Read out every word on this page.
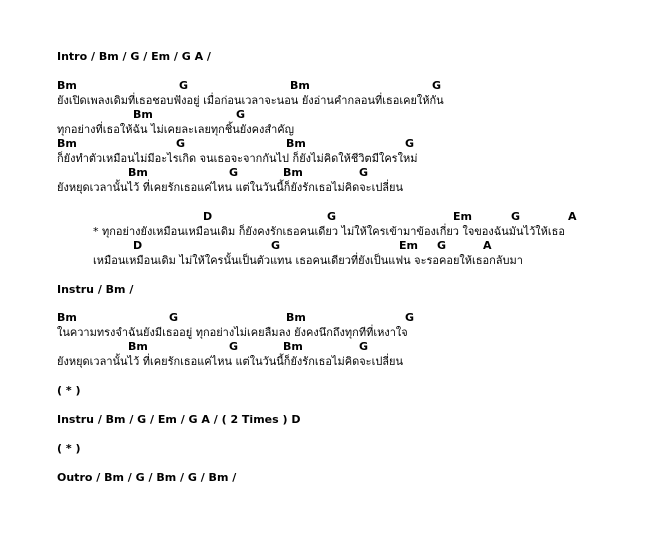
Intro / Bm / G / Em / G A /
Bm	G	Bm	G
ยังเปิดเพลงเดิมที่เธอชอบฟังอยู่ เมื่อก่อนเวลาจะนอน ยังอ่านคำกลอนที่เธอเคยให้กัน
Bm	G
ทุกอย่างที่เธอให้ฉัน ไม่เคยละเลยทุกชิ้นยังคงสำคัญ
Bm	G	Bm	G
ก็ยังทำตัวเหมือนไม่มีอะไรเกิด จนเธอจะจากกันไป ก็ยังไม่คิดให้ชีวิตมีใครใหม่
Bm	G	Bm	G
ยังหยุดเวลานั้นไว้ ที่เคยรักเธอแค่ไหน แต่ในวันนี้ก็ยังรักเธอไม่คิดจะเปลี่ยน
D	G	Em	G	A
* ทุกอย่างยังเหมือนเหมือนเดิม ก็ยังคงรักเธอคนเดียว ไม่ให้ใครเข้ามาข้องเกี่ยว ใจของฉันมันไว้ให้เธอ
D	G	Em G	A
เหมือนเหมือนเดิม ไม่ให้ใครนั้นเป็นตัวแทน เธอคนเดียวที่ยังเป็นแฟน จะรอคอยให้เธอกลับมา
Instru / Bm /
Bm	G	Bm	G
ในความทรงจำฉันยังมีเธออยู่ ทุกอย่างไม่เคยลืมลง ยังคงนึกถึงทุกทีที่เหงาใจ
Bm	G	Bm	G
ยังหยุดเวลานั้นไว้ ที่เคยรักเธอแค่ไหน แต่ในวันนี้ก็ยังรักเธอไม่คิดจะเปลี่ยน
( * )
Instru / Bm / G / Em / G A / ( 2 Times ) D
( * )
Outro / Bm / G / Bm / G / Bm /
